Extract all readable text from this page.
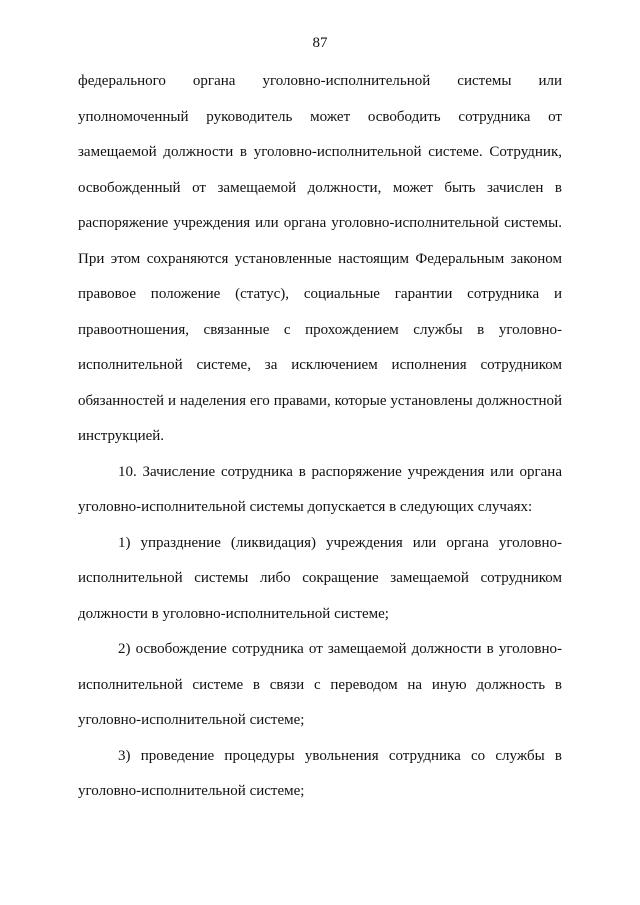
87

федерального органа уголовно-исполнительной системы или
уполномоченный руководитель может освободить сотрудника от
замещаемой должности в уголовно-исполнительной системе. Сотрудник,
освобожденный от замещаемой должности, может быть зачислен в
распоряжение учреждения или органа уголовно-исполнительной системы.
При этом сохраняются установленные настоящим Федеральным законом
правовое положение (статус), социальные гарантии сотрудника и
правоотношения, связанные с прохождением службы в уголовно-
исполнительной системе, за исключением исполнения сотрудником
обязанностей и наделения его правами, которые установлены должностной
инструкцией.

10. Зачисление сотрудника в распоряжение учреждения или органа
уголовно-исполнительной системы допускается в следующих случаях:

1) упразднение (ликвидация) учреждения или органа уголовно-
исполнительной системы либо сокращение замещаемой сотрудником
должности в уголовно-исполнительной системе;

2) освобождение сотрудника от замещаемой должности в уголовно-
исполнительной системе в связи с переводом на иную должность в
уголовно-исполнительной системе;

3) проведение процедуры увольнения сотрудника со службы в
уголовно-исполнительной системе;
